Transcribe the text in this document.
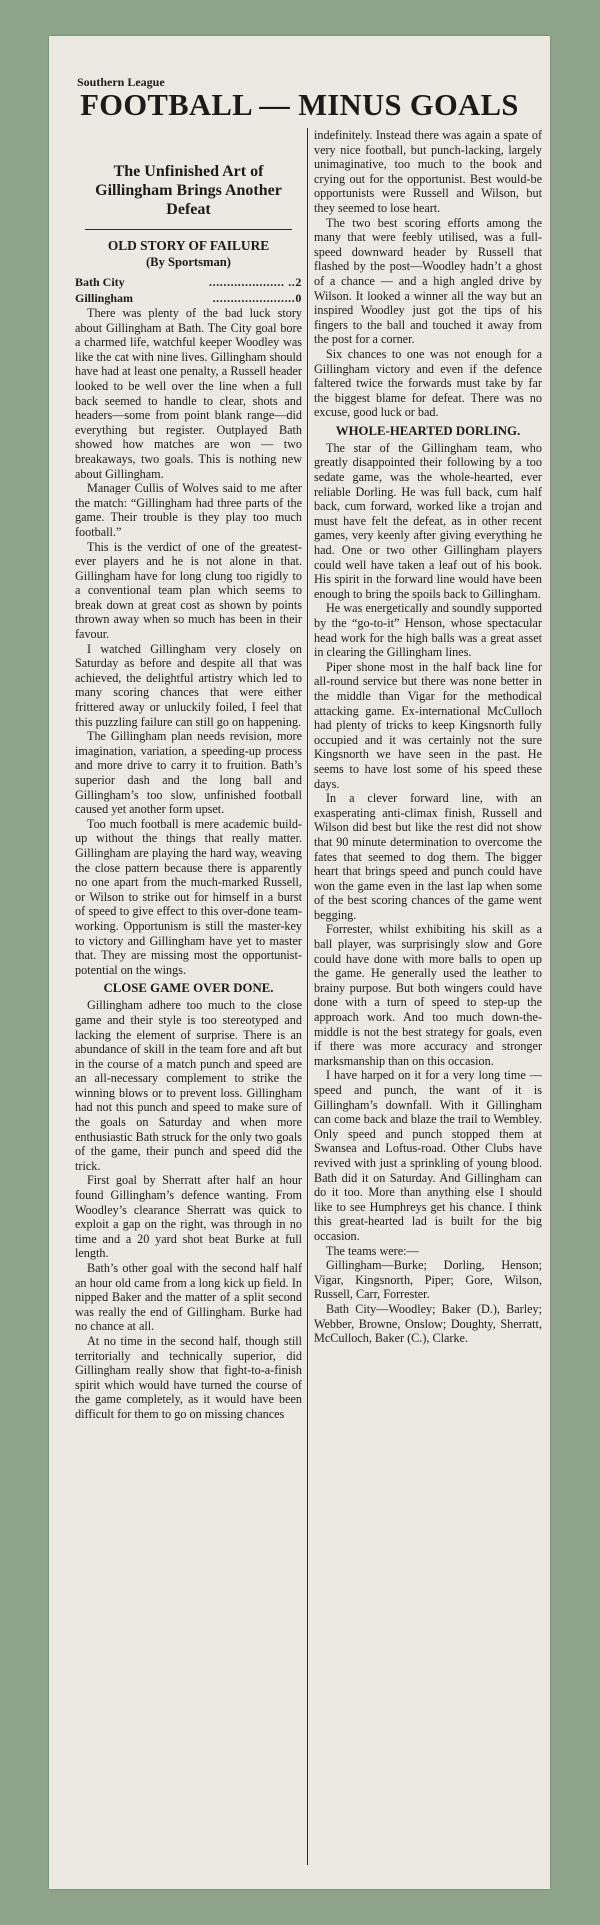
Southern League
FOOTBALL — MINUS GOALS
The Unfinished Art of Gillingham Brings Another Defeat
OLD STORY OF FAILURE
(By Sportsman)
Bath City	..................... ..2
Gillingham	.......................0

There was plenty of the bad luck story about Gillingham at Bath. The City goal bore a charmed life, watchful keeper Woodley was like the cat with nine lives. Gillingham should have had at least one penalty, a Russell header looked to be well over the line when a full back seemed to handle to clear, shots and headers—some from point blank range—did everything but register. Outplayed Bath showed how matches are won — two breakaways, two goals. This is nothing new about Gillingham.

Manager Cullis of Wolves said to me after the match: “Gillingham had three parts of the game. Their trouble is they play too much football.”

This is the verdict of one of the greatest-ever players and he is not alone in that. Gillingham have for long clung too rigidly to a conventional team plan which seems to break down at great cost as shown by points thrown away when so much has been in their favour.

I watched Gillingham very closely on Saturday as before and despite all that was achieved, the delightful artistry which led to many scoring chances that were either frittered away or unluckily foiled, I feel that this puzzling failure can still go on happening.

The Gillingham plan needs revision, more imagination, variation, a speeding-up process and more drive to carry it to fruition. Bath’s superior dash and the long ball and Gillingham’s too slow, unfinished football caused yet another form upset.

Too much football is mere academic build-up without the things that really matter. Gillingham are playing the hard way, weaving the close pattern because there is apparently no one apart from the much-marked Russell, or Wilson to strike out for himself in a burst of speed to give effect to this over-done team-working. Opportunism is still the master-key to victory and Gillingham have yet to master that. They are missing most the opportunist-potential on the wings.

CLOSE GAME OVER DONE.

Gillingham adhere too much to the close game and their style is too stereotyped and lacking the element of surprise. There is an abundance of skill in the team fore and aft but in the course of a match punch and speed are an all-necessary complement to strike the winning blows or to prevent loss. Gillingham had not this punch and speed to make sure of the goals on Saturday and when more enthusiastic Bath struck for the only two goals of the game, their punch and speed did the trick.

First goal by Sherratt after half an hour found Gillingham’s defence wanting. From Woodley’s clearance Sherratt was quick to exploit a gap on the right, was through in no time and a 20 yard shot beat Burke at full length.

Bath’s other goal with the second half half an hour old came from a long kick up field. In nipped Baker and the matter of a split second was really the end of Gillingham. Burke had no chance at all.

At no time in the second half, though still territorially and technically superior, did Gillingham really show that fight-to-a-finish spirit which would have turned the course of the game completely, as it would have been difficult for them to go on missing chances

indefinitely. Instead there was again a spate of very nice football, but punch-lacking, largely unimaginative, too much to the book and crying out for the opportunist. Best would-be opportunists were Russell and Wilson, but they seemed to lose heart.

The two best scoring efforts among the many that were feebly utilised, was a full-speed downward header by Russell that flashed by the post—Woodley hadn’t a ghost of a chance — and a high angled drive by Wilson. It looked a winner all the way but an inspired Woodley just got the tips of his fingers to the ball and touched it away from the post for a corner.

Six chances to one was not enough for a Gillingham victory and even if the defence faltered twice the forwards must take by far the biggest blame for defeat. There was no excuse, good luck or bad.

WHOLE-HEARTED DORLING.

The star of the Gillingham team, who greatly disappointed their following by a too sedate game, was the whole-hearted, ever reliable Dorling. He was full back, cum half back, cum forward, worked like a trojan and must have felt the defeat, as in other recent games, very keenly after giving everything he had. One or two other Gillingham players could well have taken a leaf out of his book. His spirit in the forward line would have been enough to bring the spoils back to Gillingham.

He was energetically and soundly supported by the “go-to-it” Henson, whose spectacular head work for the high balls was a great asset in clearing the Gillingham lines.

Piper shone most in the half back line for all-round service but there was none better in the middle than Vigar for the methodical attacking game. Ex-international McCulloch had plenty of tricks to keep Kingsnorth fully occupied and it was certainly not the sure Kingsnorth we have seen in the past. He seems to have lost some of his speed these days.

In a clever forward line, with an exasperating anti-climax finish, Russell and Wilson did best but like the rest did not show that 90 minute determination to overcome the fates that seemed to dog them. The bigger heart that brings speed and punch could have won the game even in the last lap when some of the best scoring chances of the game went begging.

Forrester, whilst exhibiting his skill as a ball player, was surprisingly slow and Gore could have done with more balls to open up the game. He generally used the leather to brainy purpose. But both wingers could have done with a turn of speed to step-up the approach work. And too much down-the-middle is not the best strategy for goals, even if there was more accuracy and stronger marksmanship than on this occasion.

I have harped on it for a very long time — speed and punch, the want of it is Gillingham’s downfall. With it Gillingham can come back and blaze the trail to Wembley. Only speed and punch stopped them at Swansea and Loftus-road. Other Clubs have revived with just a sprinkling of young blood. Bath did it on Saturday. And Gillingham can do it too. More than anything else I should like to see Humphreys get his chance. I think this great-hearted lad is built for the big occasion.

The teams were:—

Gillingham—Burke; Dorling, Henson; Vigar, Kingsnorth, Piper; Gore, Wilson, Russell, Carr, Forrester.

Bath City—Woodley; Baker (D.), Barley; Webber, Browne, Onslow; Doughty, Sherratt, McCulloch, Baker (C.), Clarke.
